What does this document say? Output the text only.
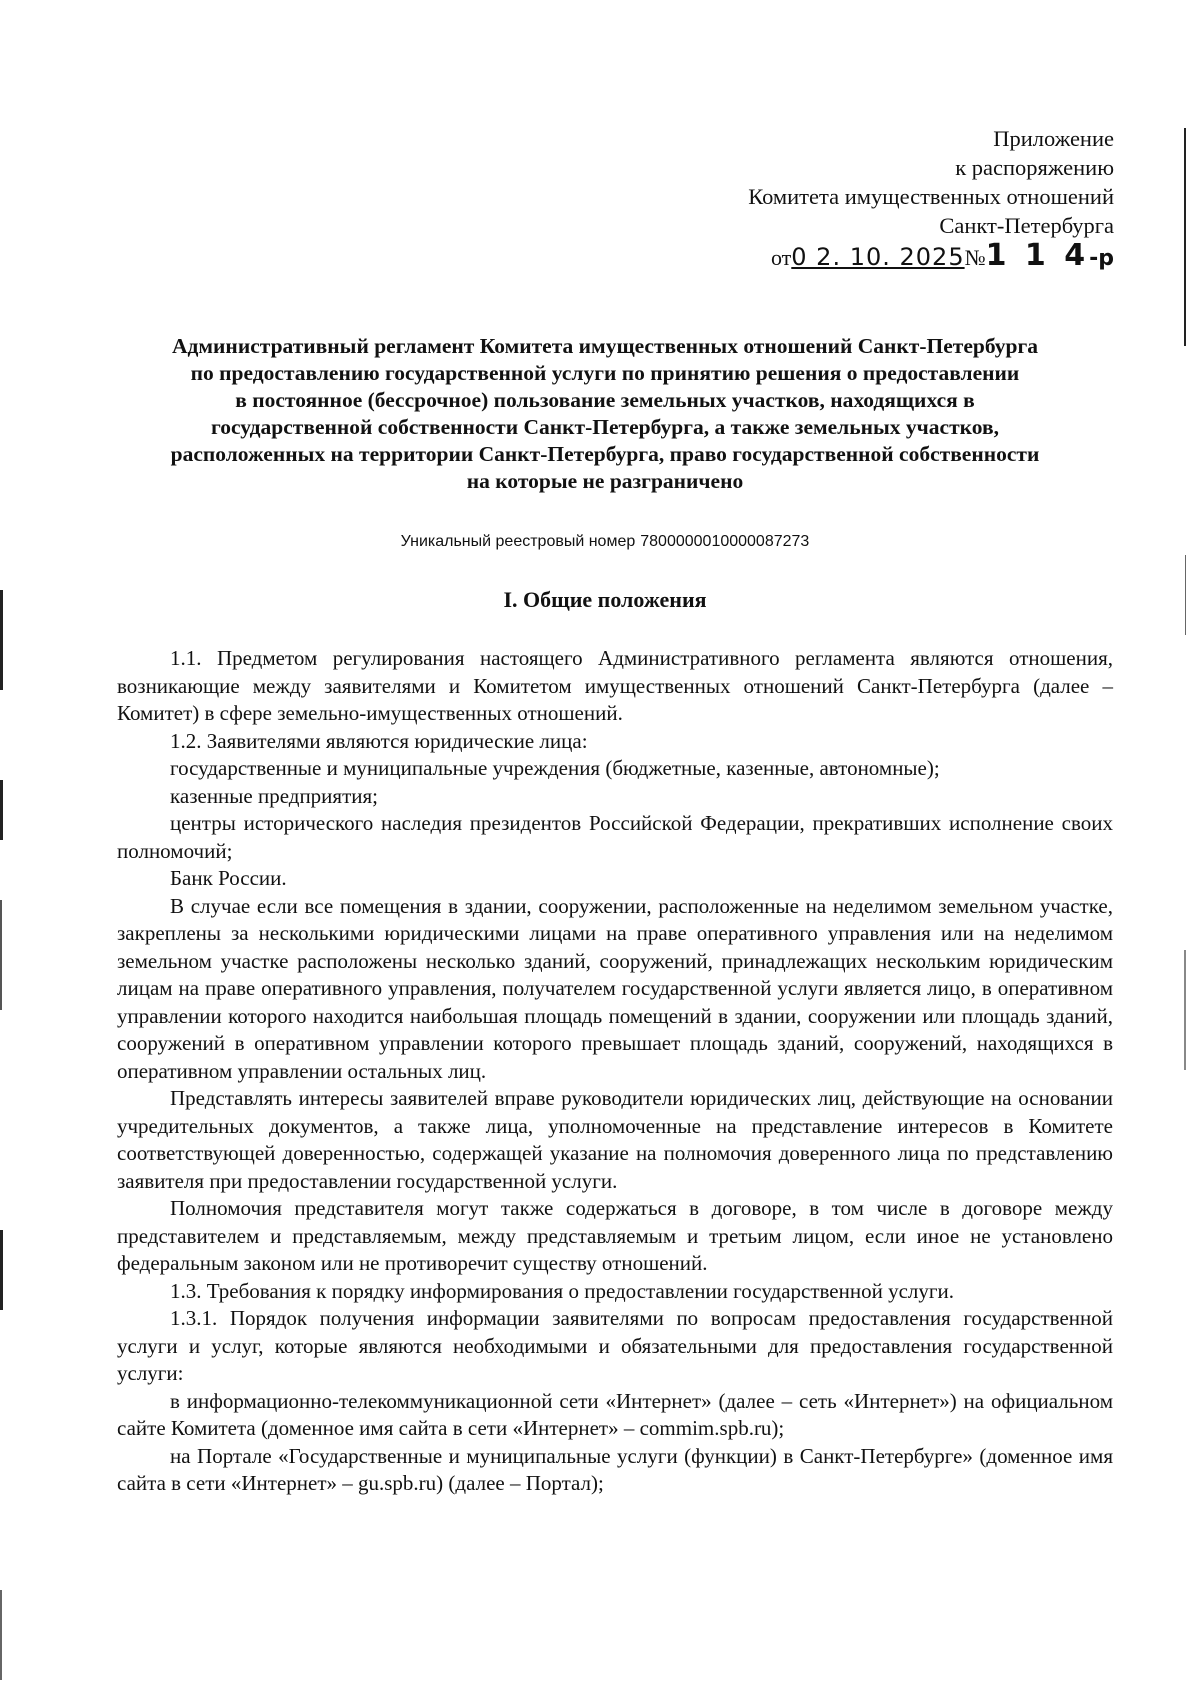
Приложение
к распоряжению
Комитета имущественных отношений
Санкт-Петербурга
от0 2. 10. 2025№1 1 4-р
Административный регламент Комитета имущественных отношений Санкт-Петербурга
по предоставлению государственной услуги по принятию решения о предоставлении
в постоянное (бессрочное) пользование земельных участков, находящихся в
государственной собственности Санкт-Петербурга, а также земельных участков,
расположенных на территории Санкт-Петербурга, право государственной собственности
на которые не разграничено
Уникальный реестровый номер 7800000010000087273
I. Общие положения

1.1. Предметом регулирования настоящего Административного регламента являются отношения, возникающие между заявителями и Комитетом имущественных отношений Санкт-Петербурга (далее – Комитет) в сфере земельно-имущественных отношений.

1.2. Заявителями являются юридические лица:

государственные и муниципальные учреждения (бюджетные, казенные, автономные);

казенные предприятия;

центры исторического наследия президентов Российской Федерации, прекративших исполнение своих полномочий;

Банк России.

В случае если все помещения в здании, сооружении, расположенные на неделимом земельном участке, закреплены за несколькими юридическими лицами на праве оперативного управления или на неделимом земельном участке расположены несколько зданий, сооружений, принадлежащих нескольким юридическим лицам на праве оперативного управления, получателем государственной услуги является лицо, в оперативном управлении которого находится наибольшая площадь помещений в здании, сооружении или площадь зданий, сооружений в оперативном управлении которого превышает площадь зданий, сооружений, находящихся в оперативном управлении остальных лиц.

Представлять интересы заявителей вправе руководители юридических лиц, действующие на основании учредительных документов, а также лица, уполномоченные на представление интересов в Комитете соответствующей доверенностью, содержащей указание на полномочия доверенного лица по представлению заявителя при предоставлении государственной услуги.

Полномочия представителя могут также содержаться в договоре, в том числе в договоре между представителем и представляемым, между представляемым и третьим лицом, если иное не установлено федеральным законом или не противоречит существу отношений.

1.3. Требования к порядку информирования о предоставлении государственной услуги.

1.3.1. Порядок получения информации заявителями по вопросам предоставления государственной услуги и услуг, которые являются необходимыми и обязательными для предоставления государственной услуги:

в информационно-телекоммуникационной сети «Интернет» (далее – сеть «Интернет») на официальном сайте Комитета (доменное имя сайта в сети «Интернет» – commim.spb.ru);

на Портале «Государственные и муниципальные услуги (функции) в Санкт-Петербурге» (доменное имя сайта в сети «Интернет» – gu.spb.ru) (далее – Портал);
